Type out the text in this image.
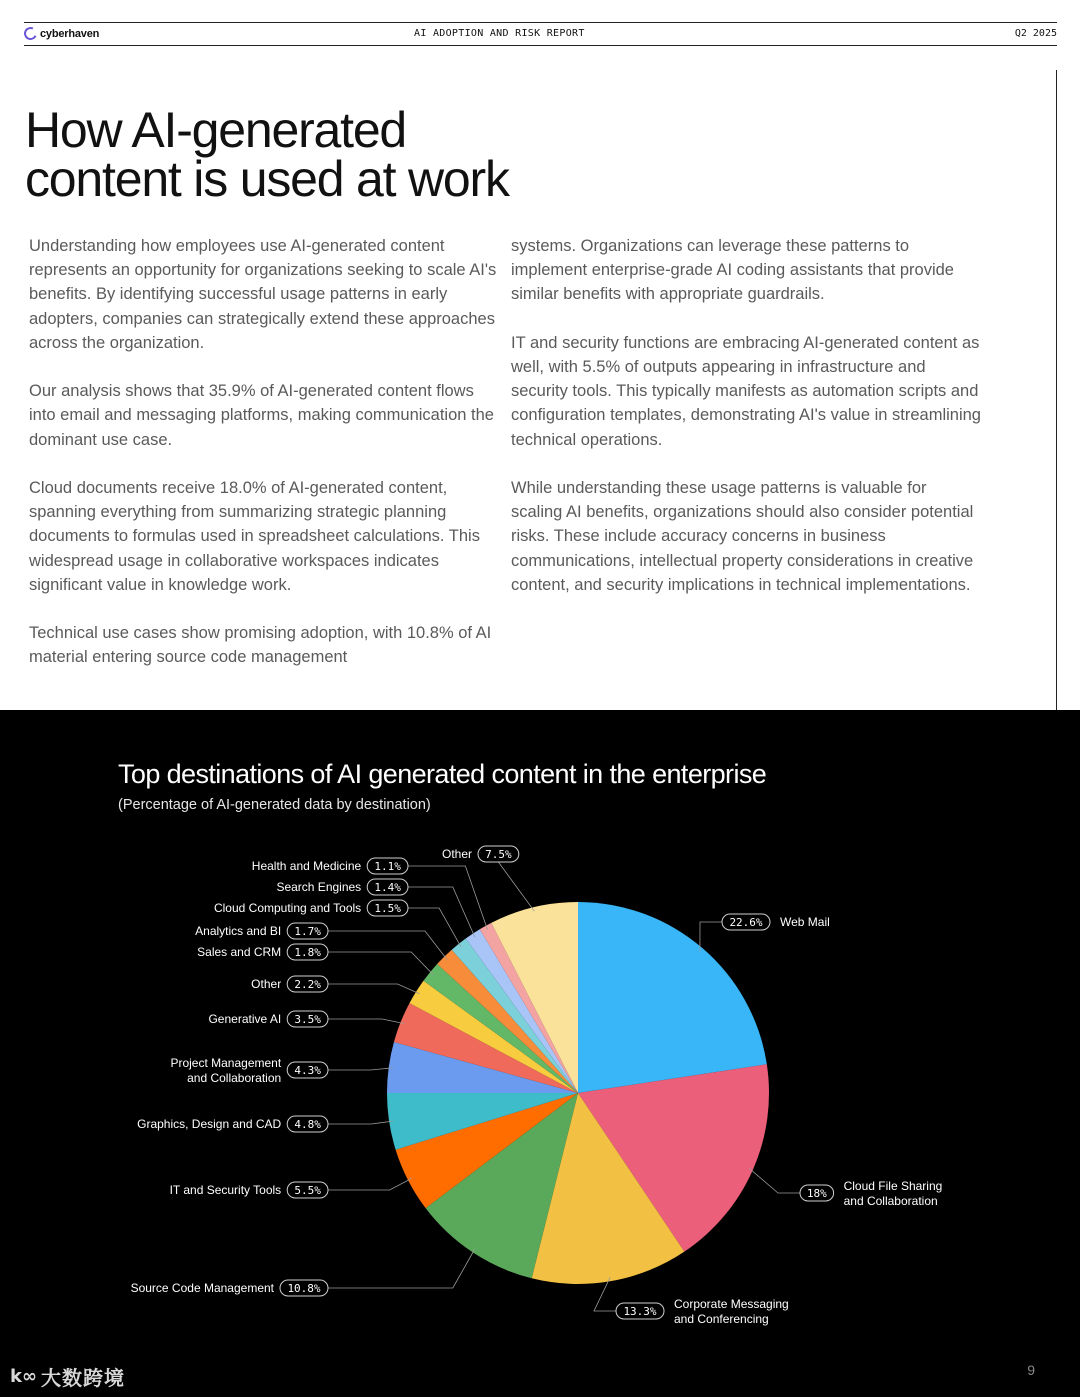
cyberhaven	AI ADOPTION AND RISK REPORT	Q2 2025
How AI-generated
content is used at work

Understanding how employees use AI-generated content represents an opportunity for organizations seeking to scale AI's benefits. By identifying successful usage patterns in early adopters, companies can strategically extend these approaches across the organization.

Our analysis shows that 35.9% of AI-generated content flows into email and messaging platforms, making communication the dominant use case.

Cloud documents receive 18.0% of AI-generated content, spanning everything from summarizing strategic planning documents to formulas used in spreadsheet calculations. This widespread usage in collaborative workspaces indicates significant value in knowledge work.

Technical use cases show promising adoption, with 10.8% of AI material entering source code management

systems. Organizations can leverage these patterns to implement enterprise-grade AI coding assistants that provide similar benefits with appropriate guardrails.

IT and security functions are embracing AI-generated content as well, with 5.5% of outputs appearing in infrastructure and security tools. This typically manifests as automation scripts and configuration templates, demonstrating AI's value in streamlining technical operations.

While understanding these usage patterns is valuable for scaling AI benefits, organizations should also consider potential risks. These include accuracy concerns in business communications, intellectual property considerations in creative content, and security implications in technical implementations.

Top destinations of AI generated content in the enterprise
(Percentage of AI-generated data by destination)
22.6% Web Mail
18%
Cloud File Sharing and Collaboration
13.3%
Corporate Messaging and Conferencing
10.8%
Source Code Management
5.5%
IT and Security Tools
4.8%
Graphics, Design and CAD
4.3%
Project Management and Collaboration
3.5%
Generative AI
2.2%
Other
1.8%
Sales and CRM
1.7%
Analytics and BI
1.5%
Cloud Computing and Tools
1.4%
Search Engines
1.1%
Health and Medicine
7.5%
Other
k∞ 大数跨境	9
